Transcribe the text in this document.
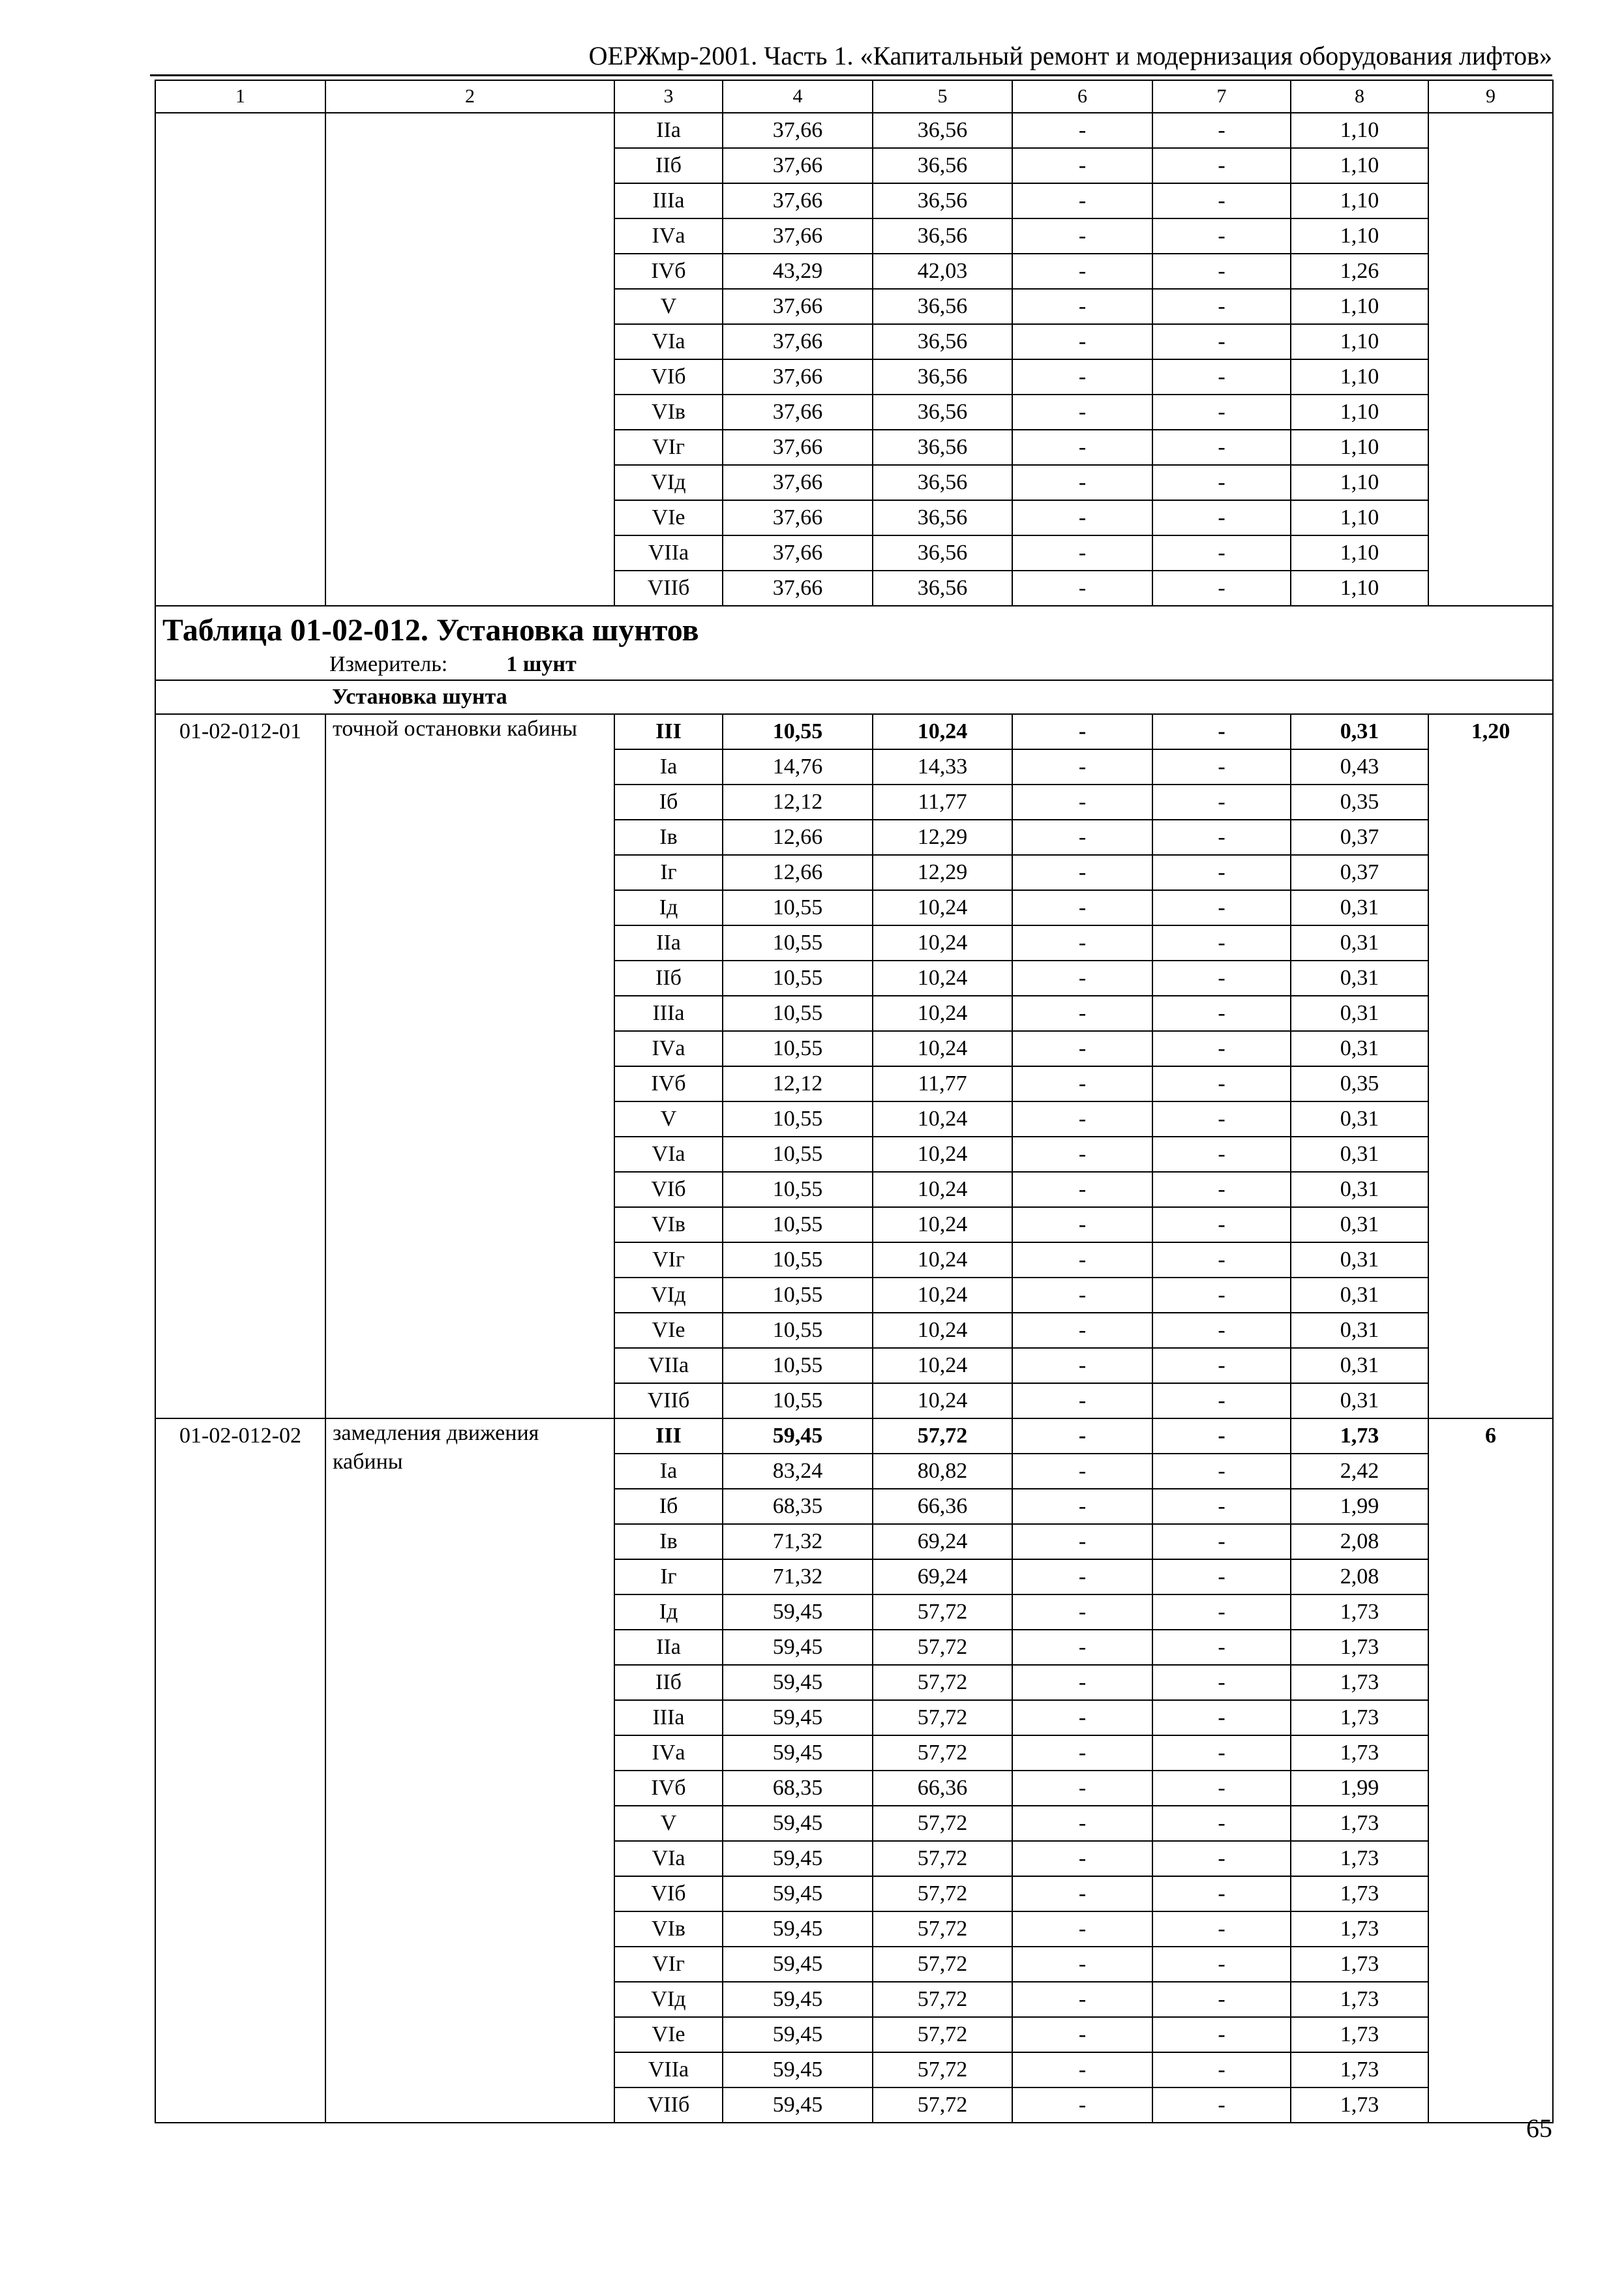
ОЕРЖмр-2001. Часть 1. «Капитальный ремонт и модернизация оборудования лифтов»
1	2	3	4	5	6	7	8	9
		IIа	37,66	36,56	-	-	1,10	
		IIб	37,66	36,56	-	-	1,10	
		IIIа	37,66	36,56	-	-	1,10	
		IVа	37,66	36,56	-	-	1,10	
		IVб	43,29	42,03	-	-	1,26	
		V	37,66	36,56	-	-	1,10	
		VIа	37,66	36,56	-	-	1,10	
		VIб	37,66	36,56	-	-	1,10	
		VIв	37,66	36,56	-	-	1,10	
		VIг	37,66	36,56	-	-	1,10	
		VIд	37,66	36,56	-	-	1,10	
		VIе	37,66	36,56	-	-	1,10	
		VIIа	37,66	36,56	-	-	1,10	
		VIIб	37,66	36,56	-	-	1,10	

Таблица 01-02-012. Установка шунтов
Измеритель: 1 шунт								

Установка шунта								
01-02-012-01	точной остановки кабины	III	10,55	10,24	-	-	0,31	1,20
		Iа	14,76	14,33	-	-	0,43	
		Iб	12,12	11,77	-	-	0,35	
		Iв	12,66	12,29	-	-	0,37	
		Iг	12,66	12,29	-	-	0,37	
		Iд	10,55	10,24	-	-	0,31	
		IIа	10,55	10,24	-	-	0,31	
		IIб	10,55	10,24	-	-	0,31	
		IIIа	10,55	10,24	-	-	0,31	
		IVа	10,55	10,24	-	-	0,31	
		IVб	12,12	11,77	-	-	0,35	
		V	10,55	10,24	-	-	0,31	
		VIа	10,55	10,24	-	-	0,31	
		VIб	10,55	10,24	-	-	0,31	
		VIв	10,55	10,24	-	-	0,31	
		VIг	10,55	10,24	-	-	0,31	
		VIд	10,55	10,24	-	-	0,31	
		VIе	10,55	10,24	-	-	0,31	
		VIIа	10,55	10,24	-	-	0,31	
		VIIб	10,55	10,24	-	-	0,31	
01-02-012-02	замедления движения кабины	III	59,45	57,72	-	-	1,73	6
		Iа	83,24	80,82	-	-	2,42	
		Iб	68,35	66,36	-	-	1,99	
		Iв	71,32	69,24	-	-	2,08	
		Iг	71,32	69,24	-	-	2,08	
		Iд	59,45	57,72	-	-	1,73	
		IIа	59,45	57,72	-	-	1,73	
		IIб	59,45	57,72	-	-	1,73	
		IIIа	59,45	57,72	-	-	1,73	
		IVа	59,45	57,72	-	-	1,73	
		IVб	68,35	66,36	-	-	1,99	
		V	59,45	57,72	-	-	1,73	
		VIа	59,45	57,72	-	-	1,73	
		VIб	59,45	57,72	-	-	1,73	
		VIв	59,45	57,72	-	-	1,73	
		VIг	59,45	57,72	-	-	1,73	
		VIд	59,45	57,72	-	-	1,73	
		VIе	59,45	57,72	-	-	1,73	
		VIIа	59,45	57,72	-	-	1,73	
		VIIб	59,45	57,72	-	-	1,73	
65
